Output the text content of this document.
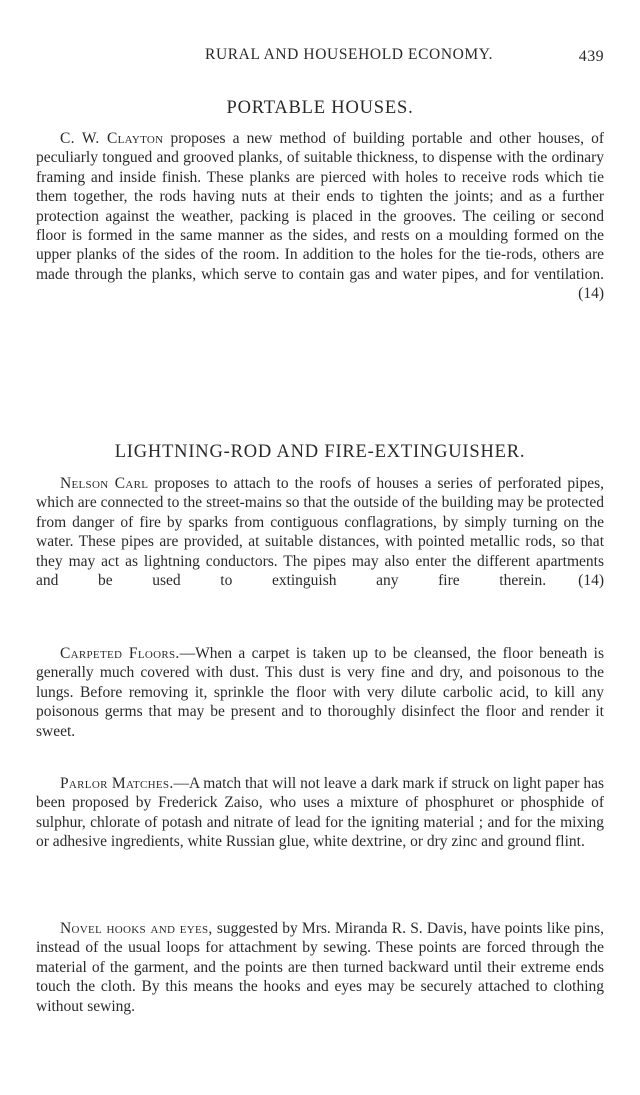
RURAL AND HOUSEHOLD ECONOMY.	439
PORTABLE HOUSES.

C. W. Clayton proposes a new method of building portable and other houses, of peculiarly tongued and grooved planks, of suitable thickness, to dispense with the ordinary framing and inside finish. These planks are pierced with holes to receive rods which tie them together, the rods having nuts at their ends to tighten the joints; and as a further protection against the weather, packing is placed in the grooves. The ceiling or second floor is formed in the same manner as the sides, and rests on a moulding formed on the upper planks of the sides of the room. In addition to the holes for the tie-rods, others are made through the planks, which serve to contain gas and water pipes, and for ventilation.
(14)

LIGHTNING-ROD AND FIRE-EXTINGUISHER.

Nelson Carl proposes to attach to the roofs of houses a series of perforated pipes, which are connected to the street-mains so that the outside of the building may be protected from danger of fire by sparks from contiguous conflagrations, by simply turning on the water. These pipes are provided, at suitable distances, with pointed metallic rods, so that they may act as lightning conductors. The pipes may also enter the different apartments and be used to extinguish any fire therein.	(14)

Carpeted Floors.—When a carpet is taken up to be cleansed, the floor beneath is generally much covered with dust. This dust is very fine and dry, and poisonous to the lungs. Before removing it, sprinkle the floor with very dilute carbolic acid, to kill any poisonous germs that may be present and to thoroughly disinfect the floor and render it sweet.

Parlor Matches.—A match that will not leave a dark mark if struck on light paper has been proposed by Frederick Zaiso, who uses a mixture of phosphuret or phosphide of sulphur, chlorate of potash and nitrate of lead for the igniting material ; and for the mixing or adhesive ingredients, white Russian glue, white dextrine, or dry zinc and ground flint.

Novel hooks and eyes, suggested by Mrs. Miranda R. S. Davis, have points like pins, instead of the usual loops for attachment by sewing. These points are forced through the material of the garment, and the points are then turned backward until their extreme ends touch the cloth. By this means the hooks and eyes may be securely attached to clothing without sewing.
